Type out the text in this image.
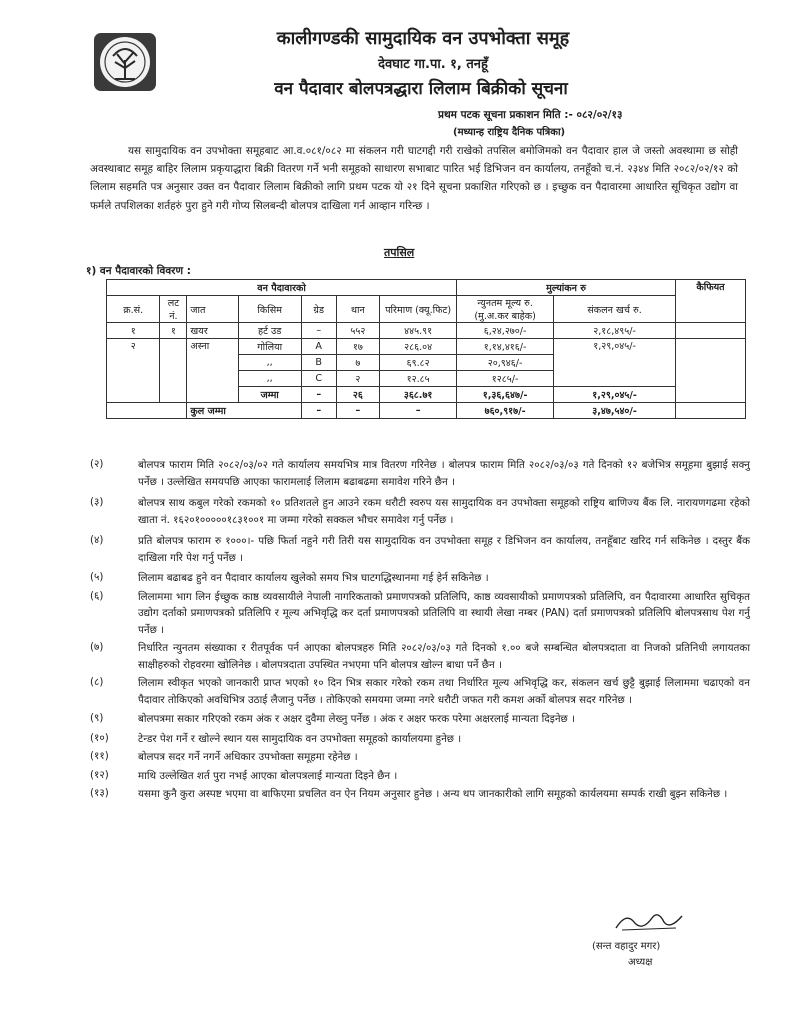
कालीगण्डकी सामुदायिक वन उपभोक्ता समूह
देवघाट गा.पा. १, तनहूँ
वन पैदावार बोलपत्रद्धारा लिलाम बिक्रीको सूचना
प्रथम पटक सूचना प्रकाशन मिति :- ०८२/०२/१३
(मध्यान्ह राष्ट्रिय दैनिक पत्रिका)

यस सामुदायिक वन उपभोक्ता समूहबाट आ.व.०८१/०८२ मा संकलन गरी घाटगद्दी गरी राखेको तपसिल बमोजिमको वन पैदावार हाल जे जस्तो अवस्थामा छ सोही अवस्थाबाट समूह बाहिर लिलाम प्रकृयाद्धारा बिक्री वितरण गर्ने भनी समूहको साधारण सभाबाट पारित भई डिभिजन वन कार्यालय, तनहूँको च.नं. २३४४ मिति २०८२/०२/१२ को लिलाम सहमति पत्र अनुसार उक्त वन पैदावार लिलाम बिक्रीको लागि प्रथम पटक यो २१ दिने सूचना प्रकाशित गरिएको छ । इच्छुक वन पैदावारमा आधारित सूचिकृत उद्योग वा फर्मले तपशिलका शर्तहरुं पुरा हुने गरी गोप्य सिलबन्दी बोलपत्र दाखिला गर्न आव्हान गरिन्छ ।

तपसिल
१) वन पैदावारको विवरण :
वन पैदावारको							मुल्यांकन रु		कैफियत
क्र.सं.	लट नं.	जात	किसिम	ग्रेड	थान	परिमाण (क्यू.फिट)	न्युनतम मूल्य रु. (मु.अ.कर बाहेक)	संकलन खर्च रु.	
१	१	खयर	हर्ट उड	–	५५२	४४५.९१	६,२४,२७०/-	२,१८,४९५/-	
२		अस्ना	गोलिया	A	१७	२८६.०४	१,१४,४१६/-	१,२९,०४५/-	
			,,	B	७	६९.८२	२०,९४६/-		
			,,	C	२	१२.८५	१२८५/-		
			जम्मा	–	२६	३६८.७१	१,३६,६४७/-	१,२९,०४५/-	
		कुल जम्मा		–	–	–	७६०,९१७/-	३,४७,५४०/-	
(२)	बोलपत्र फाराम मिति २०८२/०३/०२ गते कार्यालय समयभित्र मात्र वितरण गरिनेछ । बोलपत्र फाराम मिति २०८२/०३/०३ गते दिनको १२ बजेभित्र समूहमा बुझाई सक्नु पर्नेछ । उल्लेखित समयपछि आएका फारामलाई लिलाम बढाबढमा समावेश गरिने छैन ।
(३)	बोलपत्र साथ कबुल गरेको रकमको १० प्रतिशतले हुन आउने रकम धरौटी स्वरुप यस सामुदायिक वन उपभोक्ता समूहको राष्ट्रिय बाणिज्य बैंक लि. नारायणगढमा रहेको खाता नं. १६२०१०००००१८३१००१ मा जम्मा गरेको सक्कल भौचर समावेश गर्नु पर्नेछ ।
(४)	प्रति बोलपत्र फाराम रु १०००।- पछि फिर्ता नहुने गरी तिरी यस सामुदायिक वन उपभोक्ता समूह र डिभिजन वन कार्यालय, तनहूँबाट खरिद गर्न सकिनेछ । दस्तुर बैंक दाखिला गरि पेश गर्नु पर्नेछ ।
(५)	लिलाम बढाबढ हुने वन पैदावार कार्यालय खुलेको समय भित्र घाटगद्धिस्थानमा गई हेर्न सकिनेछ ।
(६)	लिलाममा भाग लिन ईच्छुक काष्ठ व्यवसायीले नेपाली नागरिकताको प्रमाणपत्रको प्रतिलिपि, काष्ठ व्यवसायीको प्रमाणपत्रको प्रतिलिपि, वन पैदावारमा आधारित सुचिकृत उद्योग दर्ताको प्रमाणपत्रको प्रतिलिपि र मूल्य अभिवृद्धि कर दर्ता प्रमाणपत्रको प्रतिलिपि वा स्थायी लेखा नम्बर (PAN) दर्ता प्रमाणपत्रको प्रतिलिपि बोलपत्रसाथ पेश गर्नु पर्नेछ ।
(७)	निर्धारित न्युनतम संख्याका र रीतपूर्वक पर्न आएका बोलपत्रहरु मिति २०८२/०३/०३ गते दिनको १.०० बजे सम्बन्धित बोलपत्रदाता वा निजको प्रतिनिधी लगायतका साक्षीहरुको रोहवरमा खोलिनेछ । बोलपत्रदाता उपस्थित नभएमा पनि बोलपत्र खोल्न बाधा पर्ने छैन ।
(८)	लिलाम स्वीकृत भएको जानकारी प्राप्त भएको १० दिन भित्र सकार गरेको रकम तथा निर्धारित मूल्य अभिवृद्धि कर, संकलन खर्च छुट्टै बुझाई लिलाममा चढाएको वन पैदावार तोकिएको अवधिभित्र उठाई लैजानु पर्नेछ । तोकिएको समयमा जम्मा नगरे धरौटी जफत गरी कमश अर्को बोलपत्र सदर गरिनेछ ।
(९)	बोलपत्रमा सकार गरिएको रकम अंक र अक्षर दुवैमा लेख्नु पर्नेछ । अंक र अक्षर फरक परेमा अक्षरलाई मान्यता दिइनेछ ।
(१०)	टेन्डर पेश गर्ने र खोल्ने स्थान यस सामुदायिक वन उपभोक्ता समूहको कार्यालयमा हुनेछ ।
(११)	बोलपत्र सदर गर्ने नगर्ने अधिकार उपभोक्ता समूहमा रहेनेछ ।
(१२)	माथि उल्लेखित शर्त पुरा नभई आएका बोलपत्रलाई मान्यता दिइने छैन ।
(१३)	यसमा कुनै कुरा अस्पष्ट भएमा वा बाफिएमा प्रचलित वन ऐन नियम अनुसार हुनेछ । अन्य थप जानकारीको लागि समूहको कार्यलयमा सम्पर्क राखी बुझ्न सकिनेछ ।
(सन्त वहादुर मगर)
अध्यक्ष
